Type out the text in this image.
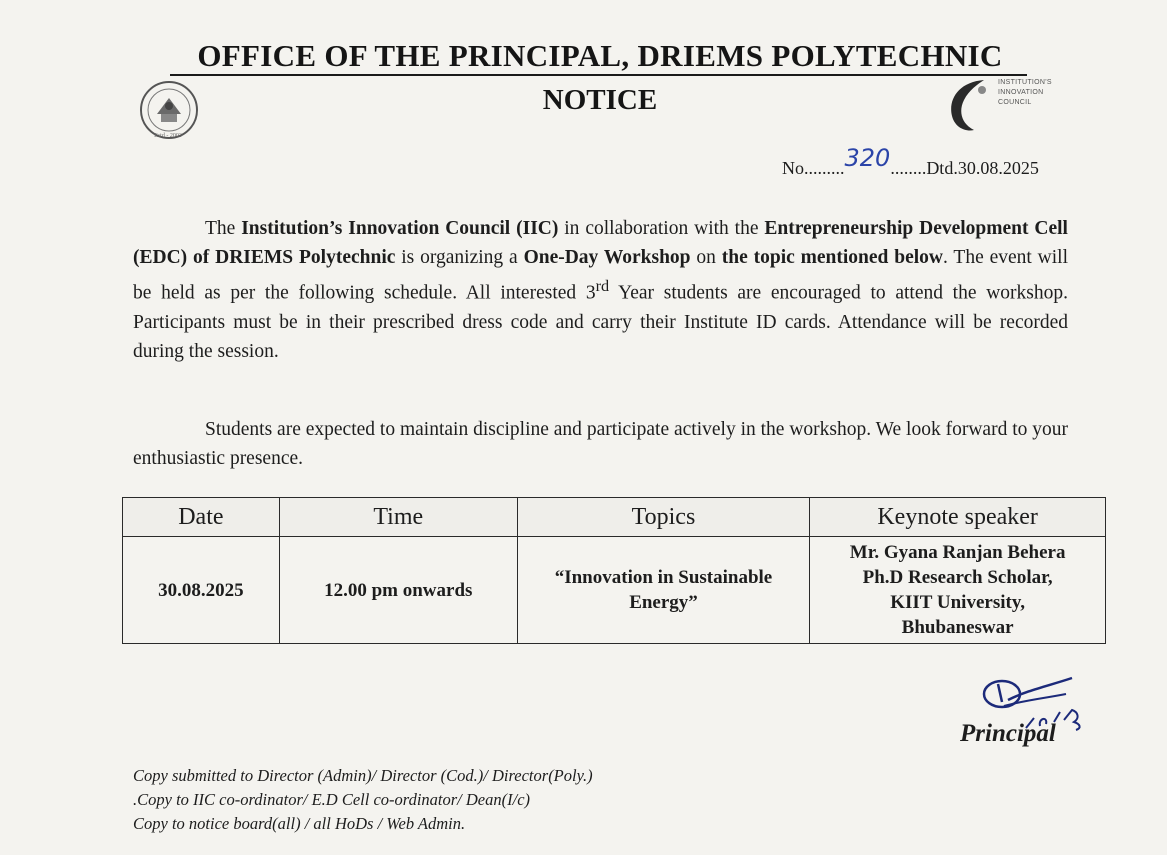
Estd - 2003
OFFICE OF THE PRINCIPAL, DRIEMS POLYTECHNIC
NOTICE
INSTITUTION'S
INNOVATION
COUNCIL
No.........320........Dtd.30.08.2025
The Institution’s Innovation Council (IIC) in collaboration with the Entrepreneurship Development Cell (EDC) of DRIEMS Polytechnic is organizing a One-Day Workshop on the topic mentioned below. The event will be held as per the following schedule. All interested 3rd Year students are encouraged to attend the workshop. Participants must be in their prescribed dress code and carry their Institute ID cards. Attendance will be recorded during the session.
Students are expected to maintain discipline and participate actively in the workshop. We look forward to your enthusiastic presence.
Date	Time	Topics	Keynote speaker
30.08.2025	12.00 pm onwards	“Innovation in Sustainable Energy”	Mr. Gyana Ranjan Behera
Ph.D Research Scholar,
KIIT University,
Bhubaneswar
Principal
Copy submitted to Director (Admin)/ Director (Cod.)/ Director(Poly.)
.Copy to IIC co-ordinator/ E.D Cell co-ordinator/ Dean(I/c)
Copy to notice board(all) / all HoDs / Web Admin.
